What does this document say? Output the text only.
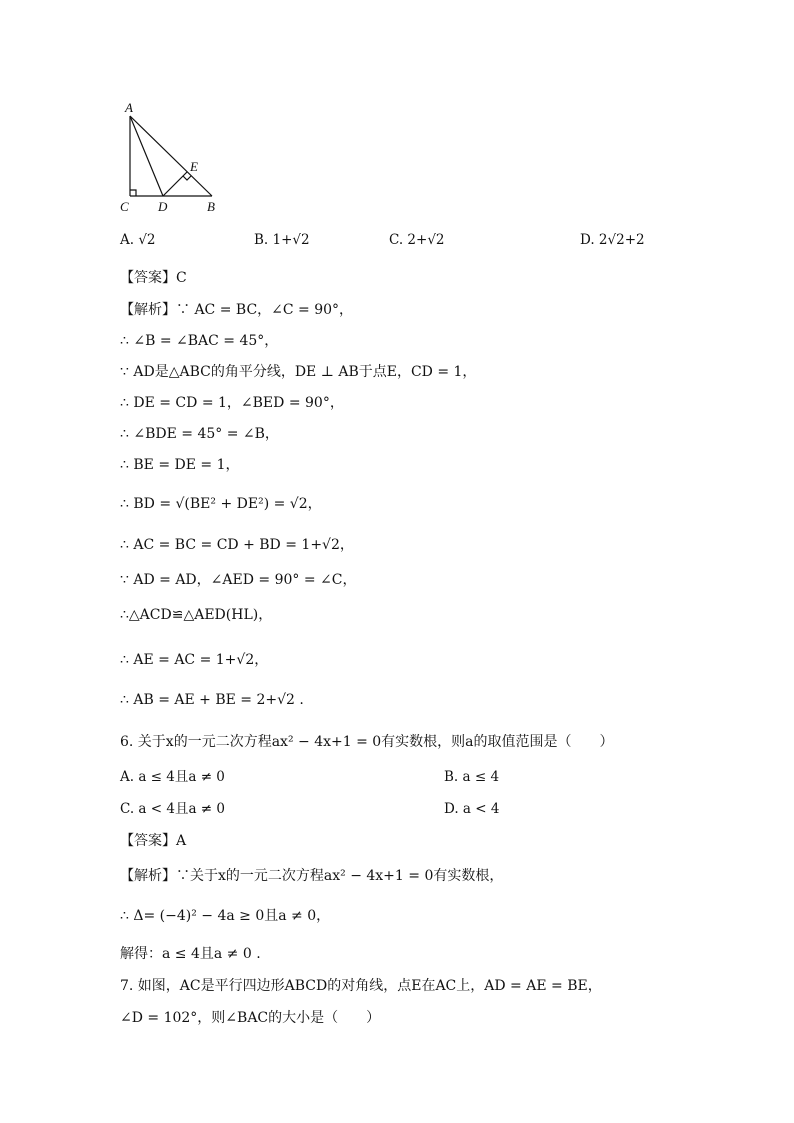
A
C D	B
E
A. √2	B. 1+√2	C. 2+√2	D. 2√2+2
【答案】C
【解析】∵ AC = BC，∠C = 90°，
∴ ∠B = ∠BAC = 45°，
∵ AD是△ABC的角平分线，DE ⊥ AB于点E，CD = 1，
∴ DE = CD = 1，∠BED = 90°，
∴ ∠BDE = 45° = ∠B，
∴ BE = DE = 1，
∴ BD = √(BE² + DE²) = √2，
∴ AC = BC = CD + BD = 1+√2，
∵ AD = AD，∠AED = 90° = ∠C，
∴△ACD≌△AED(HL)，
∴ AE = AC = 1+√2，
∴ AB = AE + BE = 2+√2 .
6. 关于x的一元二次方程ax² − 4x+1 = 0有实数根，则a的取值范围是（　　）
A. a ≤ 4且a ≠ 0	B. a ≤ 4
C. a < 4且a ≠ 0	D. a < 4
【答案】A
【解析】∵关于x的一元二次方程ax² − 4x+1 = 0有实数根，
∴ Δ= (−4)² − 4a ≥ 0且a ≠ 0，
解得：a ≤ 4且a ≠ 0 .
7. 如图，AC是平行四边形ABCD的对角线，点E在AC上，AD = AE = BE，
∠D = 102°，则∠BAC的大小是（　　）
